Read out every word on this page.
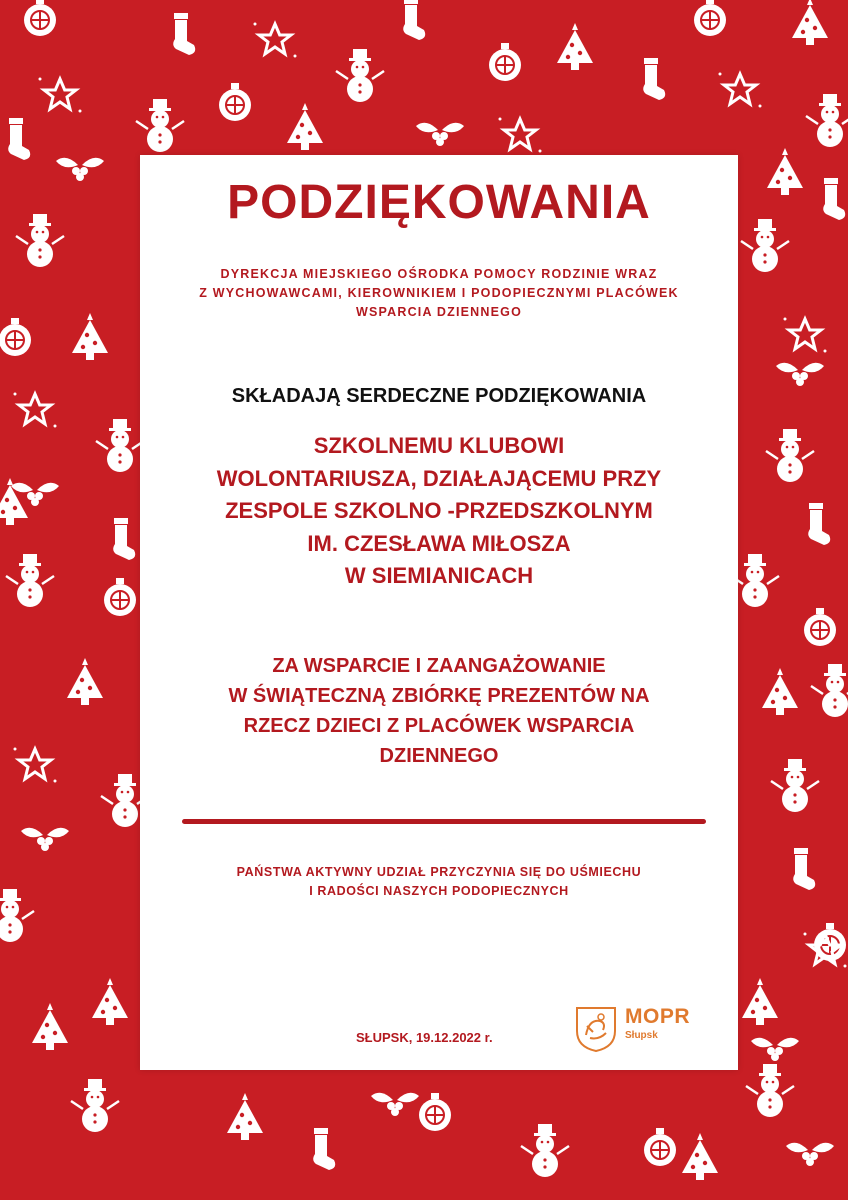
PODZIĘKOWANIA
DYREKCJA MIEJSKIEGO OŚRODKA POMOCY RODZINIE WRAZ
Z WYCHOWAWCAMI, KIEROWNIKIEM I PODOPIECZNYMI PLACÓWEK
WSPARCIA DZIENNEGO
SKŁADAJĄ SERDECZNE PODZIĘKOWANIA
SZKOLNEMU KLUBOWI
WOLONTARIUSZA, DZIAŁAJĄCEMU PRZY
ZESPOLE SZKOLNO -PRZEDSZKOLNYM
IM. CZESŁAWA MIŁOSZA
W SIEMIANICACH
ZA WSPARCIE I ZAANGAŻOWANIE
W ŚWIĄTECZNĄ ZBIÓRKĘ PREZENTÓW NA
RZECZ DZIECI Z PLACÓWEK WSPARCIA
DZIENNEGO
PAŃSTWA AKTYWNY UDZIAŁ PRZYCZYNIA SIĘ DO UŚMIECHU
I RADOŚCI NASZYCH PODOPIECZNYCH
SŁUPSK, 19.12.2022 r.
MOPR
Słupsk
